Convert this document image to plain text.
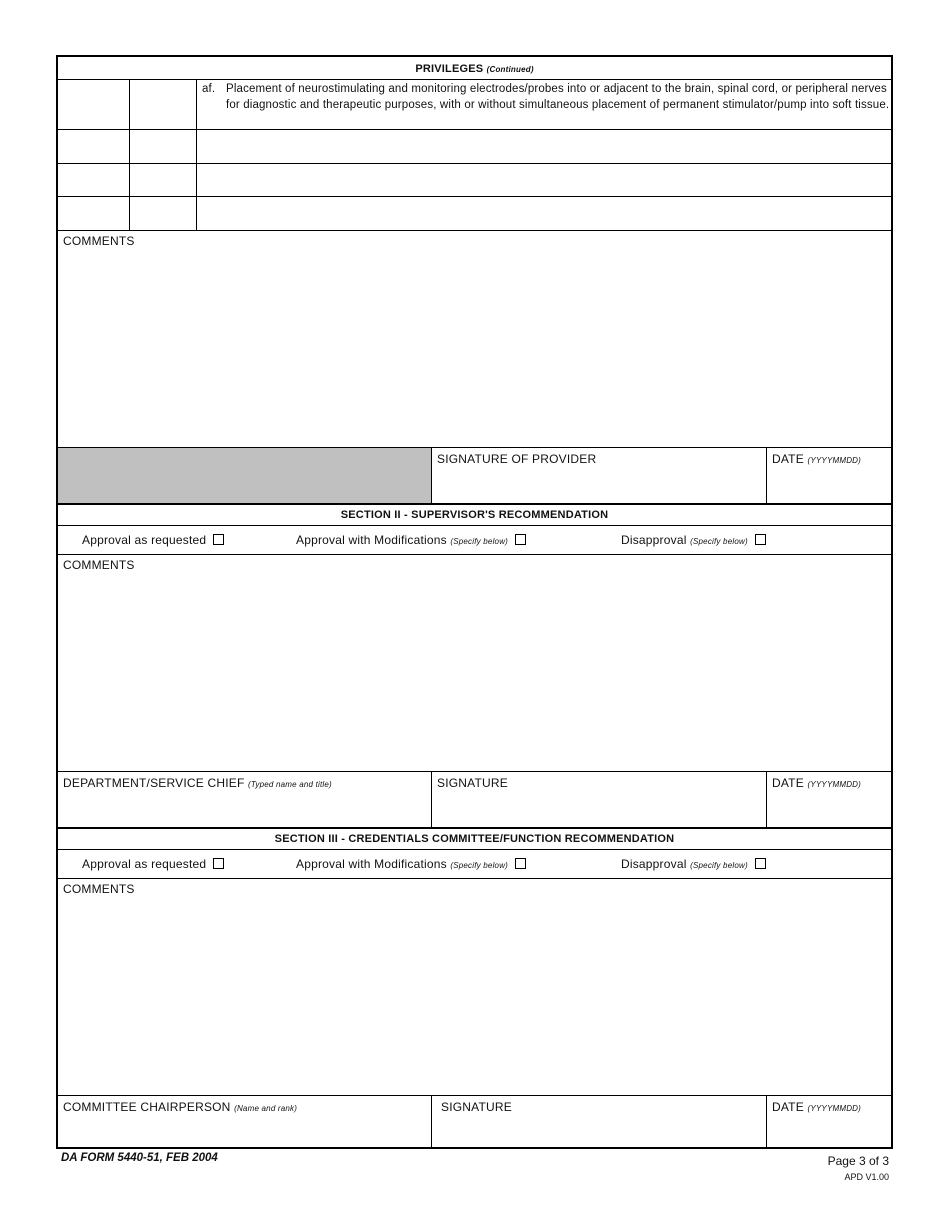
PRIVILEGES (Continued)
af. Placement of neurostimulating and monitoring electrodes/probes into or adjacent to the brain, spinal cord, or peripheral nerves for diagnostic and therapeutic purposes, with or without simultaneous placement of permanent stimulator/pump into soft tissue.
COMMENTS
SIGNATURE OF PROVIDER	DATE (YYYYMMDD)
SECTION II - SUPERVISOR'S RECOMMENDATION
Approval as requested	Approval with Modifications (Specify below)	Disapproval (Specify below)
COMMENTS
DEPARTMENT/SERVICE CHIEF (Typed name and title)	SIGNATURE	DATE (YYYYMMDD)
SECTION III - CREDENTIALS COMMITTEE/FUNCTION RECOMMENDATION
Approval as requested	Approval with Modifications (Specify below)	Disapproval (Specify below)
COMMENTS
COMMITTEE CHAIRPERSON (Name and rank)	SIGNATURE	DATE (YYYYMMDD)
DA FORM 5440-51, FEB 2004	Page 3 of 3
APD V1.00
